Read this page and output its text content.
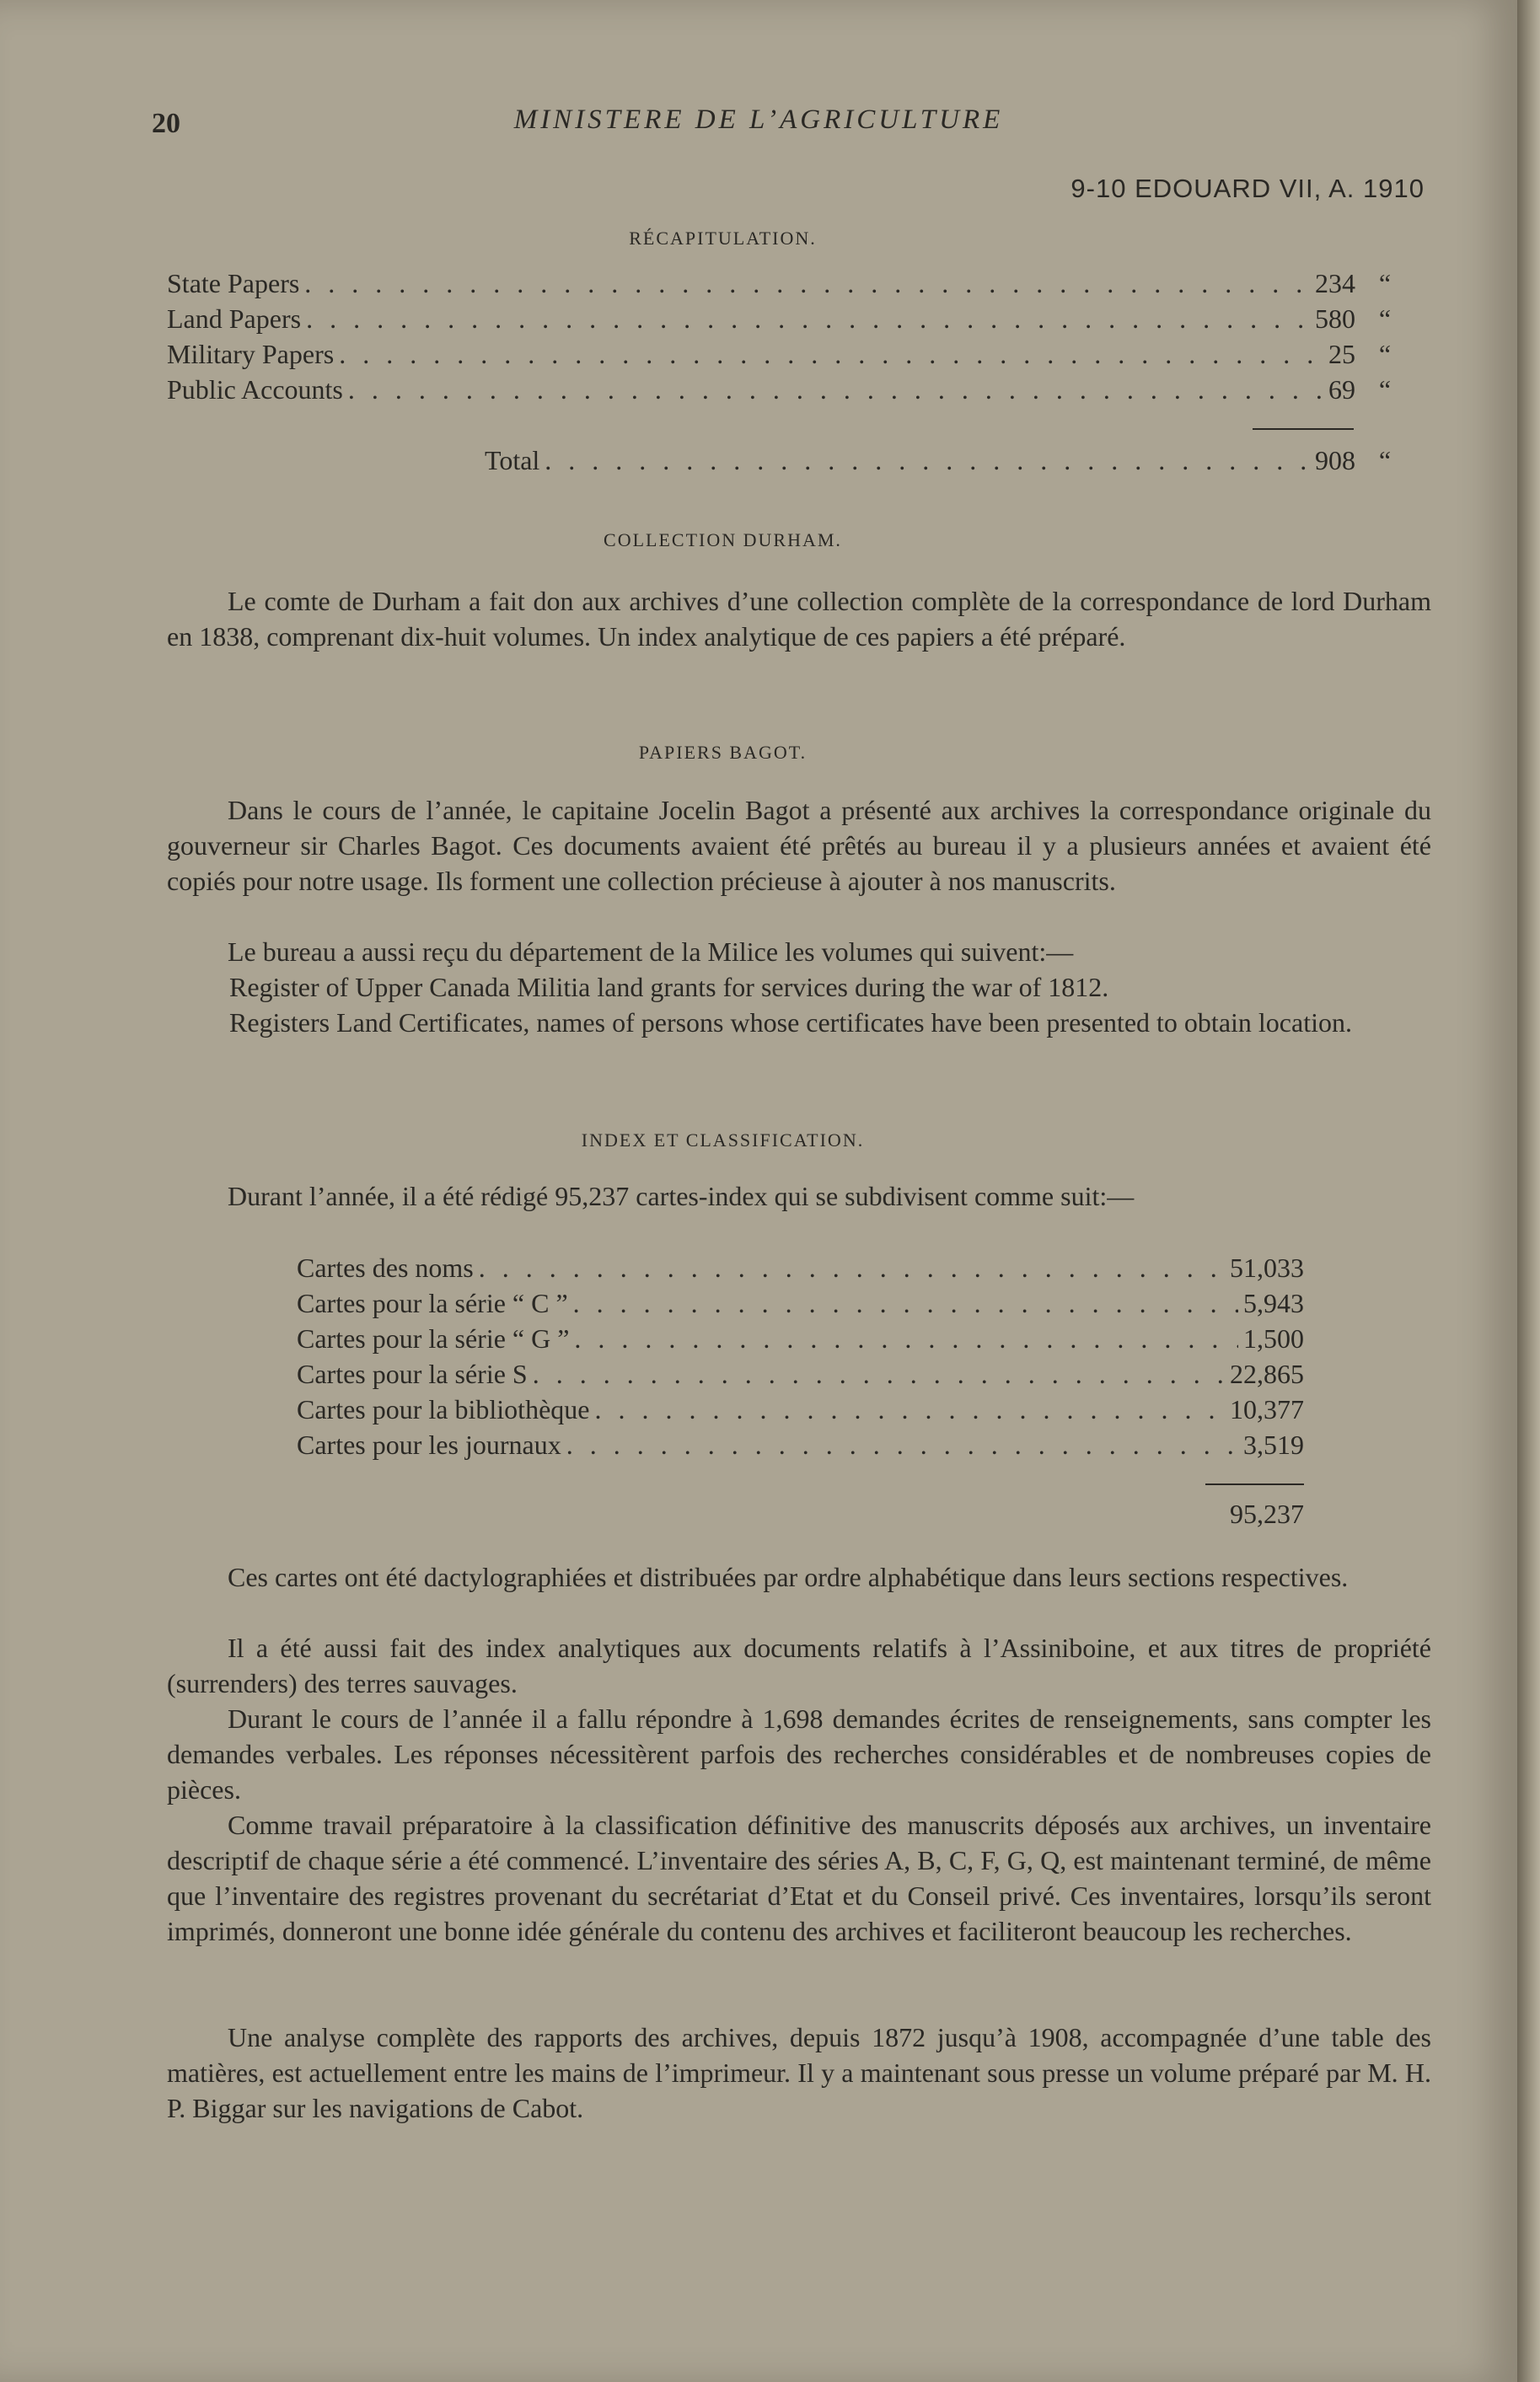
20	MINISTERE DE L’AGRICULTURE
9-10 EDOUARD VII, A. 1910
RÉCAPITULATION.
State Papers . . .	234 “
Land Papers . . .	580 “
Military Papers . . .	25 “
Public Accounts . . .	69 “
Total . . .	908 “
COLLECTION DURHAM.
Le comte de Durham a fait don aux archives d’une collection complète de la correspondance de lord Durham en 1838, comprenant dix-huit volumes. Un index analytique de ces papiers a été préparé.
PAPIERS BAGOT.
Dans le cours de l’année, le capitaine Jocelin Bagot a présenté aux archives la correspondance originale du gouverneur sir Charles Bagot. Ces documents avaient été prêtés au bureau il y a plusieurs années et avaient été copiés pour notre usage. Ils forment une collection précieuse à ajouter à nos manuscrits.
Le bureau a aussi reçu du département de la Milice les volumes qui suivent:—
Register of Upper Canada Militia land grants for services during the war of 1812.
Registers Land Certificates, names of persons whose certificates have been presented to obtain location.
INDEX ET CLASSIFICATION.
Durant l’année, il a été rédigé 95,237 cartes-index qui se subdivisent comme suit:—
Cartes des noms . . .	51,033
Cartes pour la série “ C ” . . .	5,943
Cartes pour la série “ G ” . . .	1,500
Cartes pour la série S . . .	22,865
Cartes pour la bibliothèque . . .	10,377
Cartes pour les journaux . . .	3,519
95,237
Ces cartes ont été dactylographiées et distribuées par ordre alphabétique dans leurs sections respectives.
Il a été aussi fait des index analytiques aux documents relatifs à l’Assiniboine, et aux titres de propriété (surrenders) des terres sauvages.
Durant le cours de l’année il a fallu répondre à 1,698 demandes écrites de renseignements, sans compter les demandes verbales. Les réponses nécessitèrent parfois des recherches considérables et de nombreuses copies de pièces.
Comme travail préparatoire à la classification définitive des manuscrits déposés aux archives, un inventaire descriptif de chaque série a été commencé. L’inventaire des séries A, B, C, F, G, Q, est maintenant terminé, de même que l’inventaire des registres provenant du secrétariat d’Etat et du Conseil privé. Ces inventaires, lorsqu’ils seront imprimés, donneront une bonne idée générale du contenu des archives et faciliteront beaucoup les recherches.
Une analyse complète des rapports des archives, depuis 1872 jusqu’à 1908, accompagnée d’une table des matières, est actuellement entre les mains de l’imprimeur. Il y a maintenant sous presse un volume préparé par M. H. P. Biggar sur les navigations de Cabot.
